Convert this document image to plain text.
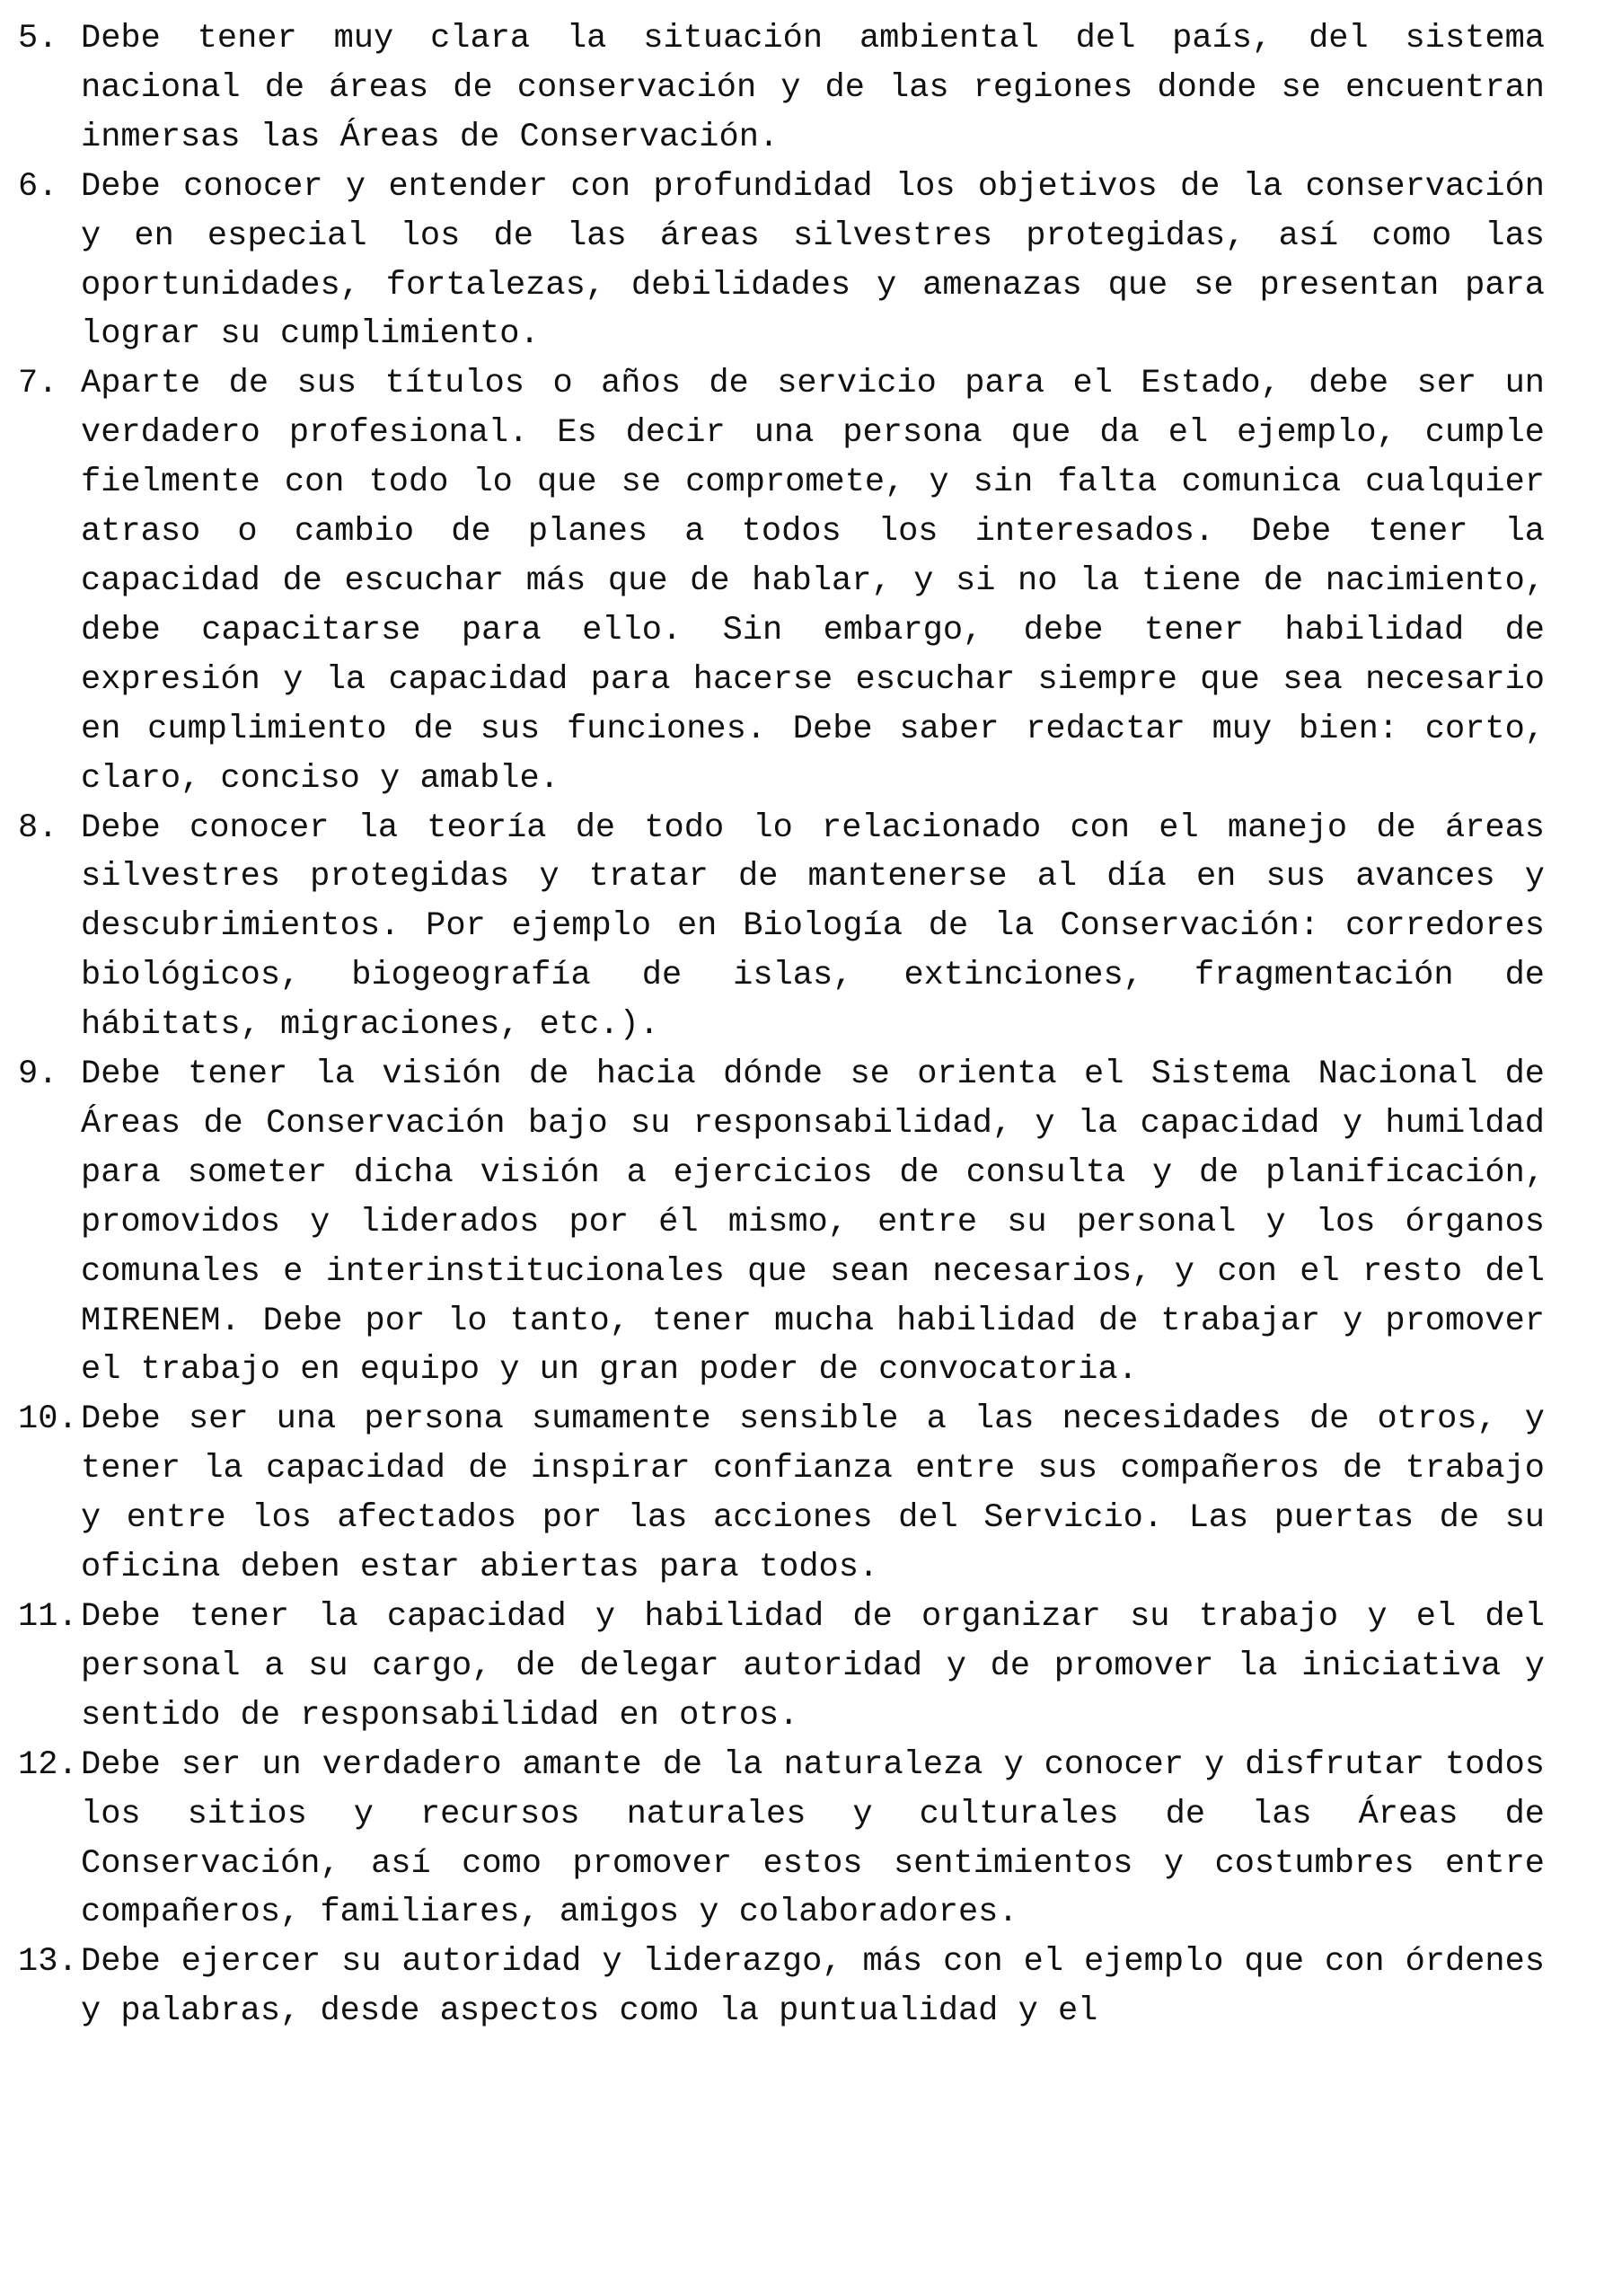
5. Debe tener muy clara la situación ambiental del país, del sistema nacional de áreas de conservación y de las regiones donde se encuentran inmersas las Áreas de Conservación.
6. Debe conocer y entender con profundidad los objetivos de la conservación y en especial los de las áreas silvestres protegidas, así como las oportunidades, fortalezas, debilidades y amenazas que se presentan para lograr su cumplimiento.
7. Aparte de sus títulos o años de servicio para el Estado, debe ser un verdadero profesional. Es decir una persona que da el ejemplo, cumple fielmente con todo lo que se compromete, y sin falta comunica cualquier atraso o cambio de planes a todos los interesados. Debe tener la capacidad de escuchar más que de hablar, y si no la tiene de nacimiento, debe capacitarse para ello. Sin embargo, debe tener habilidad de expresión y la capacidad para hacerse escuchar siempre que sea necesario en cumplimiento de sus funciones. Debe saber redactar muy bien: corto, claro, conciso y amable.
8. Debe conocer la teoría de todo lo relacionado con el manejo de áreas silvestres protegidas y tratar de mantenerse al día en sus avances y descubrimientos. Por ejemplo en Biología de la Conservación: corredores biológicos, biogeografía de islas, extinciones, fragmentación de hábitats, migraciones, etc.).
9. Debe tener la visión de hacia dónde se orienta el Sistema Nacional de Áreas de Conservación bajo su responsabilidad, y la capacidad y humildad para someter dicha visión a ejercicios de consulta y de planificación, promovidos y liderados por él mismo, entre su personal y los órganos comunales e interinstitucionales que sean necesarios, y con el resto del MIRENEM. Debe por lo tanto, tener mucha habilidad de trabajar y promover el trabajo en equipo y un gran poder de convocatoria.
10. Debe ser una persona sumamente sensible a las necesidades de otros, y tener la capacidad de inspirar confianza entre sus compañeros de trabajo y entre los afectados por las acciones del Servicio. Las puertas de su oficina deben estar abiertas para todos.
11. Debe tener la capacidad y habilidad de organizar su trabajo y el del personal a su cargo, de delegar autoridad y de promover la iniciativa y sentido de responsabilidad en otros.
12. Debe ser un verdadero amante de la naturaleza y conocer y disfrutar todos los sitios y recursos naturales y culturales de las Áreas de Conservación, así como promover estos sentimientos y costumbres entre compañeros, familiares, amigos y colaboradores.
13. Debe ejercer su autoridad y liderazgo, más con el ejemplo que con órdenes y palabras, desde aspectos como la puntualidad y el
